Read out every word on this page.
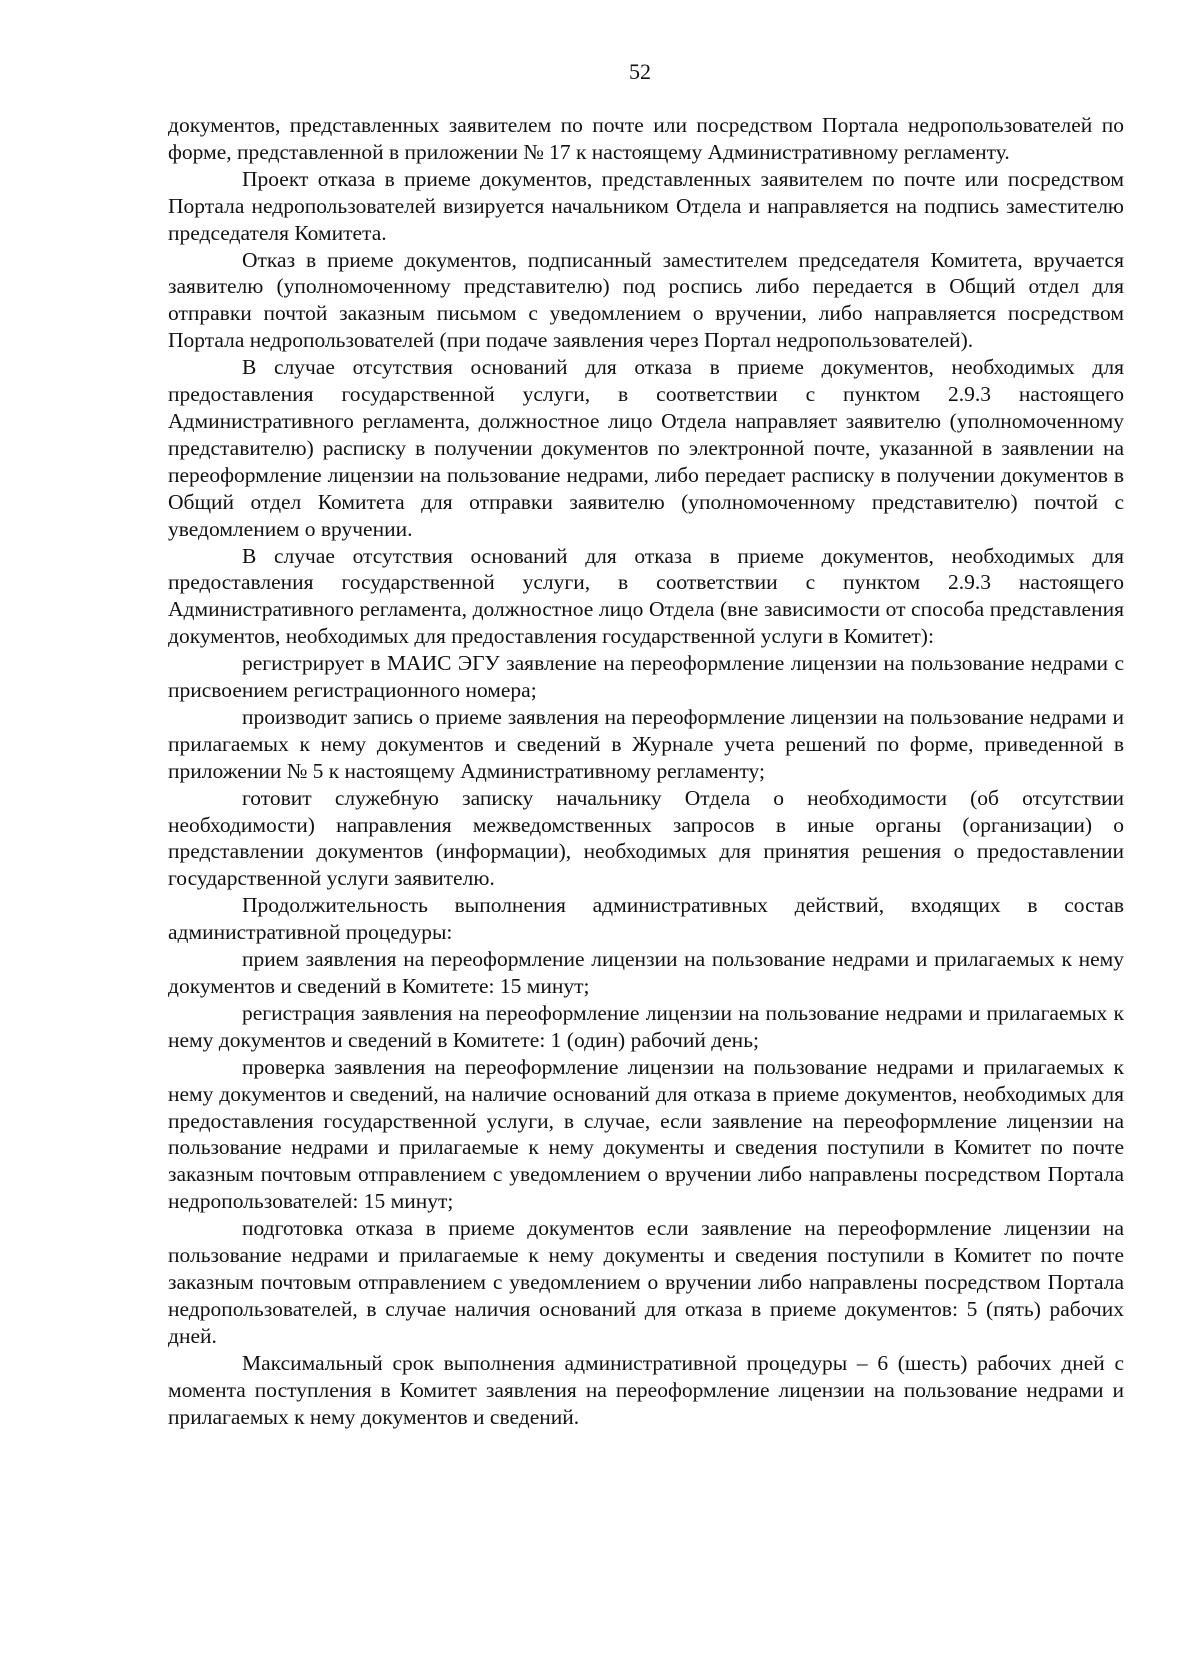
52

документов, представленных заявителем по почте или посредством Портала недропользователей по форме, представленной в приложении № 17 к настоящему Административному регламенту.

Проект отказа в приеме документов, представленных заявителем по почте или посредством Портала недропользователей визируется начальником Отдела и направляется на подпись заместителю председателя Комитета.

Отказ в приеме документов, подписанный заместителем председателя Комитета, вручается заявителю (уполномоченному представителю) под роспись либо передается в Общий отдел для отправки почтой заказным письмом с уведомлением о вручении, либо направляется посредством Портала недропользователей (при подаче заявления через Портал недропользователей).

В случае отсутствия оснований для отказа в приеме документов, необходимых для предоставления государственной услуги, в соответствии с пунктом 2.9.3 настоящего Административного регламента, должностное лицо Отдела направляет заявителю (уполномоченному представителю) расписку в получении документов по электронной почте, указанной в заявлении на переоформление лицензии на пользование недрами, либо передает расписку в получении документов в Общий отдел Комитета для отправки заявителю (уполномоченному представителю) почтой с уведомлением о вручении.

В случае отсутствия оснований для отказа в приеме документов, необходимых для предоставления государственной услуги, в соответствии с пунктом 2.9.3 настоящего Административного регламента, должностное лицо Отдела (вне зависимости от способа представления документов, необходимых для предоставления государственной услуги в Комитет):

регистрирует в МАИС ЭГУ заявление на переоформление лицензии на пользование недрами с присвоением регистрационного номера;

производит запись о приеме заявления на переоформление лицензии на пользование недрами и прилагаемых к нему документов и сведений в Журнале учета решений по форме, приведенной в приложении № 5 к настоящему Административному регламенту;

готовит служебную записку начальнику Отдела о необходимости (об отсутствии необходимости) направления межведомственных запросов в иные органы (организации) о представлении документов (информации), необходимых для принятия решения о предоставлении государственной услуги заявителю.

Продолжительность выполнения административных действий, входящих в состав административной процедуры:

прием заявления на переоформление лицензии на пользование недрами и прилагаемых к нему документов и сведений в Комитете: 15 минут;

регистрация заявления на переоформление лицензии на пользование недрами и прилагаемых к нему документов и сведений в Комитете: 1 (один) рабочий день;

проверка заявления на переоформление лицензии на пользование недрами и прилагаемых к нему документов и сведений, на наличие оснований для отказа в приеме документов, необходимых для предоставления государственной услуги, в случае, если заявление на переоформление лицензии на пользование недрами и прилагаемые к нему документы и сведения поступили в Комитет по почте заказным почтовым отправлением с уведомлением о вручении либо направлены посредством Портала недропользователей: 15 минут;

подготовка отказа в приеме документов если заявление на переоформление лицензии на пользование недрами и прилагаемые к нему документы и сведения поступили в Комитет по почте заказным почтовым отправлением с уведомлением о вручении либо направлены посредством Портала недропользователей, в случае наличия оснований для отказа в приеме документов: 5 (пять) рабочих дней.

Максимальный срок выполнения административной процедуры – 6 (шесть) рабочих дней с момента поступления в Комитет заявления на переоформление лицензии на пользование недрами и прилагаемых к нему документов и сведений.
